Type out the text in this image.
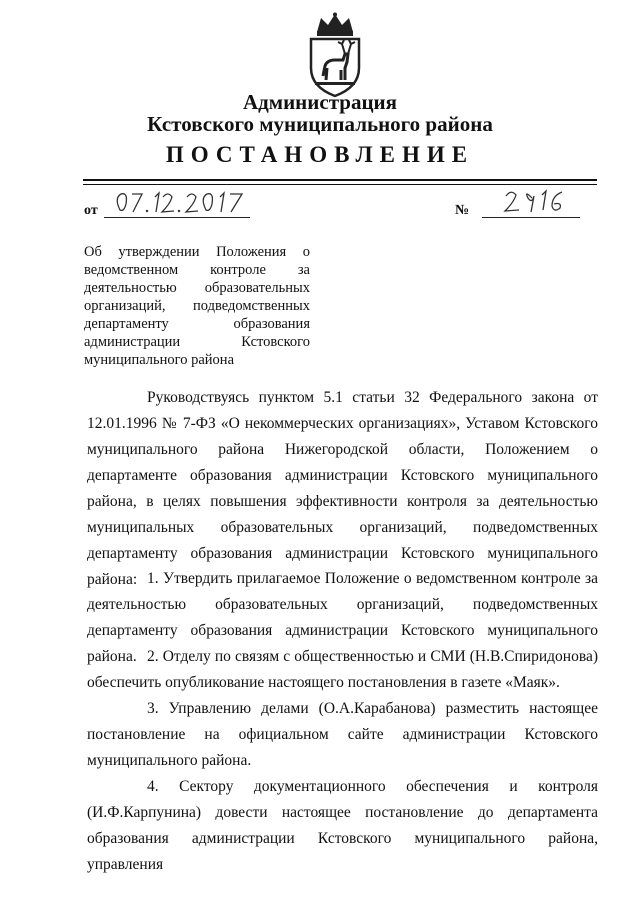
Администрация
Кстовского муниципального района
ПОСТАНОВЛЕНИЕ
от	№
Об утверждении Положения о ведомственном контроле за деятельностью образовательных организаций, подведомственных департаменту образования администрации Кстовского муниципального района

Руководствуясь пунктом 5.1 статьи 32 Федерального закона от 12.01.1996 № 7-ФЗ «О некоммерческих организациях», Уставом Кстовского муниципального района Нижегородской области, Положением о департаменте образования администрации Кстовского муниципального района, в целях повышения эффективности контроля за деятельностью муниципальных образовательных организаций, подведомственных департаменту образования администрации Кстовского муниципального района: 1. Утвердить прилагаемое Положение о ведомственном контроле за деятельностью образовательных организаций, подведомственных департаменту образования администрации Кстовского муниципального района. 2. Отделу по связям с общественностью и СМИ (Н.В.Спиридонова) обеспечить опубликование настоящего постановления в газете «Маяк».

3. Управлению делами (О.А.Карабанова) разместить настоящее постановление на официальном сайте администрации Кстовского муниципального района.

4. Сектору документационного обеспечения и контроля (И.Ф.Карпунина) довести настоящее постановление до департамента образования администрации Кстовского муниципального района, управления
